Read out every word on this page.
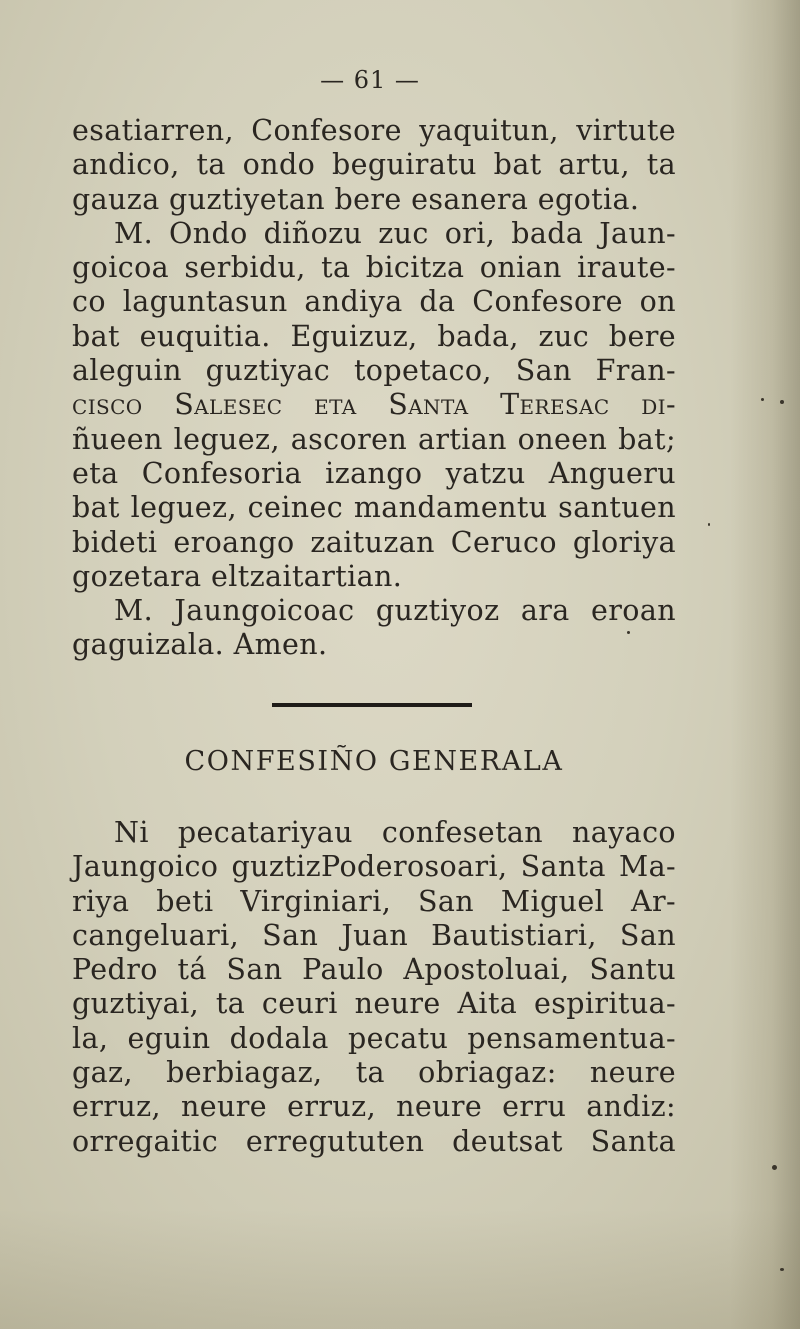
— 61 —
esatiarren, Confesore yaquitun, virtute
andico, ta ondo beguiratu bat artu, ta
gauza guztiyetan bere esanera egotia.
M. Ondo diñozu zuc ori, bada Jaun-
goicoa serbidu, ta bicitza onian iraute-
co laguntasun andiya da Confesore on
bat euquitia. Eguizuz, bada, zuc bere
aleguin guztiyac topetaco, San Fran-
cisco Salesec eta Santa Teresac di-
ñueen leguez, ascoren artian oneen bat;
eta Confesoria izango yatzu Angueru
bat leguez, ceinec mandamentu santuen
bideti eroango zaituzan Ceruco gloriya
gozetara eltzaitartian.
M. Jaungoicoac guztiyoz ara eroan
gaguizala. Amen.
CONFESIÑO GENERALA
Ni pecatariyau confesetan nayaco
Jaungoico guztizPoderosoari, Santa Ma-
riya beti Virginiari, San Miguel Ar-
cangeluari, San Juan Bautistiari, San
Pedro tá San Paulo Apostoluai, Santu
guztiyai, ta ceuri neure Aita espiritua-
la, eguin dodala pecatu pensamentua-
gaz, berbiagaz, ta obriagaz: neure
erruz, neure erruz, neure erru andiz:
orregaitic erregututen deutsat Santa
